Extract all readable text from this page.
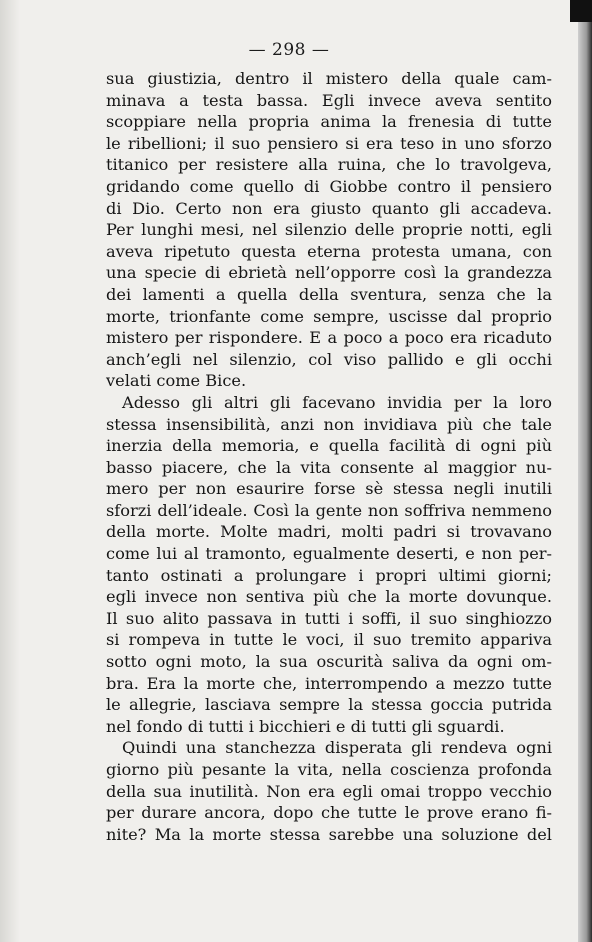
— 298 —
sua giustizia, dentro il mistero della quale cam-
minava a testa bassa. Egli invece aveva sentito
scoppiare nella propria anima la frenesia di tutte
le ribellioni; il suo pensiero si era teso in uno sforzo
titanico per resistere alla ruina, che lo travolgeva,
gridando come quello di Giobbe contro il pensiero
di Dio. Certo non era giusto quanto gli accadeva.
Per lunghi mesi, nel silenzio delle proprie notti, egli
aveva ripetuto questa eterna protesta umana, con
una specie di ebrietà nell’opporre così la grandezza
dei lamenti a quella della sventura, senza che la
morte, trionfante come sempre, uscisse dal proprio
mistero per rispondere. E a poco a poco era ricaduto
anch’egli nel silenzio, col viso pallido e gli occhi
velati come Bice.
Adesso gli altri gli facevano invidia per la loro
stessa insensibilità, anzi non invidiava più che tale
inerzia della memoria, e quella facilità di ogni più
basso piacere, che la vita consente al maggior nu-
mero per non esaurire forse sè stessa negli inutili
sforzi dell’ideale. Così la gente non soffriva nemmeno
della morte. Molte madri, molti padri si trovavano
come lui al tramonto, egualmente deserti, e non per-
tanto ostinati a prolungare i propri ultimi giorni;
egli invece non sentiva più che la morte dovunque.
Il suo alito passava in tutti i soffi, il suo singhiozzo
si rompeva in tutte le voci, il suo tremito appariva
sotto ogni moto, la sua oscurità saliva da ogni om-
bra. Era la morte che, interrompendo a mezzo tutte
le allegrie, lasciava sempre la stessa goccia putrida
nel fondo di tutti i bicchieri e di tutti gli sguardi.
Quindi una stanchezza disperata gli rendeva ogni
giorno più pesante la vita, nella coscienza profonda
della sua inutilità. Non era egli omai troppo vecchio
per durare ancora, dopo che tutte le prove erano fi-
nite? Ma la morte stessa sarebbe una soluzione del
